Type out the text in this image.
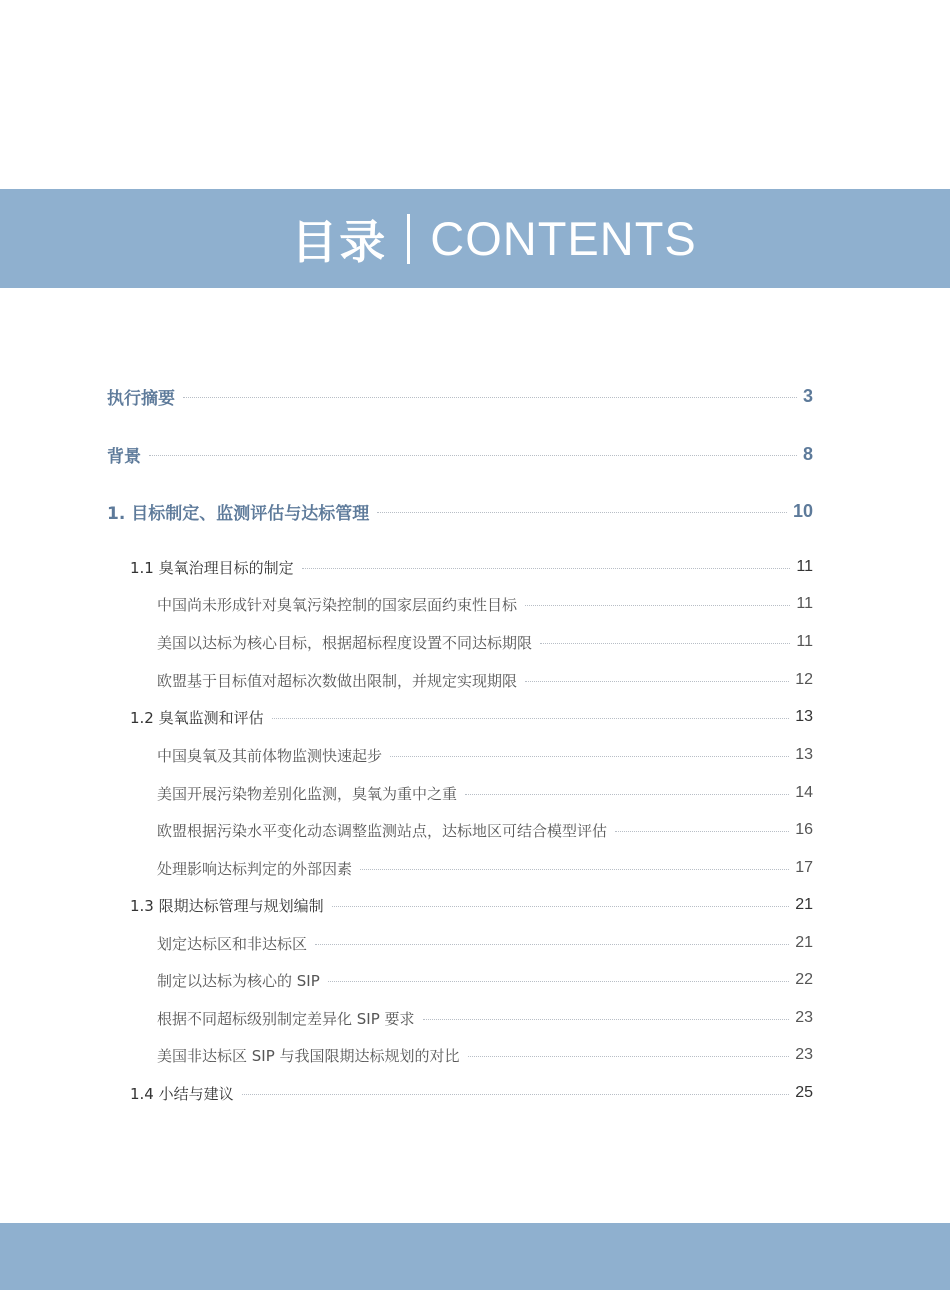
目录 CONTENTS
执行摘要	3
背景	8
1. 目标制定、监测评估与达标管理	10
1.1 臭氧治理目标的制定	11
中国尚未形成针对臭氧污染控制的国家层面约束性目标	11
美国以达标为核心目标，根据超标程度设置不同达标期限	11
欧盟基于目标值对超标次数做出限制，并规定实现期限	12
1.2 臭氧监测和评估	13
中国臭氧及其前体物监测快速起步	13
美国开展污染物差别化监测，臭氧为重中之重	14
欧盟根据污染水平变化动态调整监测站点，达标地区可结合模型评估	16
处理影响达标判定的外部因素	17
1.3 限期达标管理与规划编制	21
划定达标区和非达标区	21
制定以达标为核心的 SIP	22
根据不同超标级别制定差异化 SIP 要求	23
美国非达标区 SIP 与我国限期达标规划的对比	23
1.4 小结与建议	25
